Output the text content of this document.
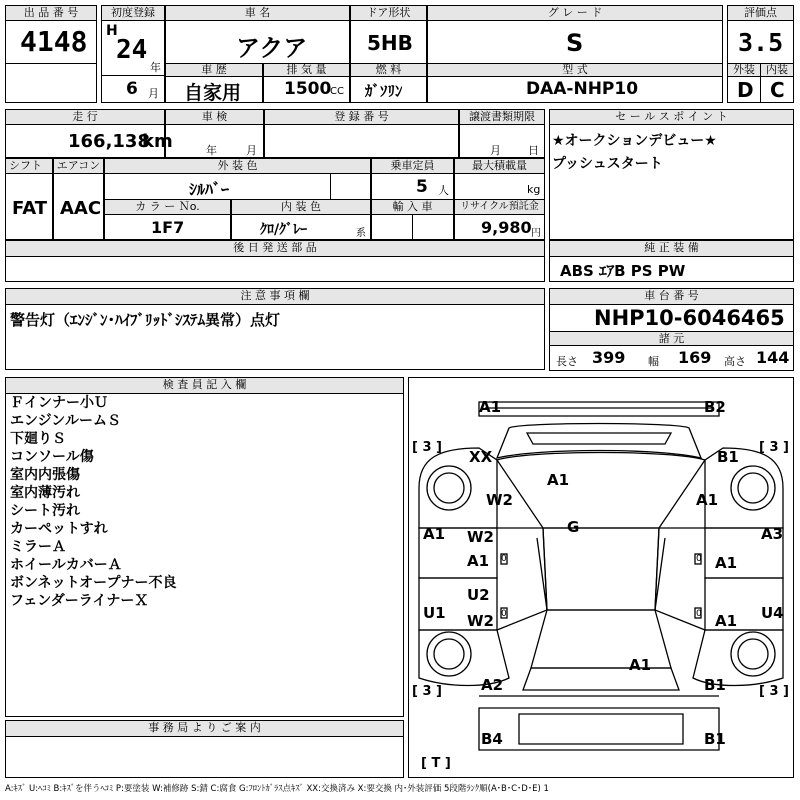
出 品 番 号
4148
初度登録
H
24
年
6 月
車 名
アクア
ドア形状
5HB
グ レ ー ド
S
評価点
3.5
車 歴
自家用
排 気 量
1500
CC
燃 料
ｶﾞｿﾘﾝ
型 式
DAA-NHP10
外装
D
内装
C
走 行
166,138
km
車 検
年	月
登 録 番 号	譲渡書類期限
月 日
セ ー ル ス ポ イ ン ト
★オークションデビュー★
プッシュスタート
シフト
FAT
エアコン
AAC
外 装 色
ｼﾙﾊﾞｰ
乗車定員
5 人
最大積載量
kg
カ ラ ー Ｎo.
1F7
内 装 色
ｸﾛ/ｸﾞﾚｰ	系
輸 入 車	リサイクル預託金
9,980 円
後 日 発 送 部 品	純 正 装 備
ABS ｴｱB PS PW
注 意 事 項 欄
警告灯（ｴﾝｼﾞﾝ･ﾊｲﾌﾞﾘｯﾄﾞｼｽﾃﾑ異常）点灯
車 台 番 号
NHP10-6046465
諸 元
長さ 399 幅 169 高さ 144
検 査 員 記 入 欄
Ｆインナー小Ｕ
エンジンルームＳ
下廻りＳ
コンソール傷
室内内張傷
室内薄汚れ
シート汚れ
カーペットすれ
ミラーＡ
ホイールカバーＡ
ボンネットオープナー不良
フェンダーライナーＸ
事 務 局 よ り ご 案 内
A1	B2
XX	B1
A1
W2	A1
G
A1	A3
W2
A1	A1
U2
W2
U1	U4
A1
A1
A2	B1
B4	B1
[ 3 ]	[ 3 ]
[ 3 ]	[ 3 ]
[ T ]
0	0
0	0
A:ｷｽﾞ U:ﾍｺﾐ B:ｷｽﾞを伴うﾍｺﾐ P:要塗装 W:補修跡 S:錆 C:腐食 G:ﾌﾛﾝﾄｶﾞﾗｽ点ｷｽﾞ XX:交換済み X:要交換 内･外装評価 5段階ﾗﾝｸ順(A･B･C･D･E) 1
